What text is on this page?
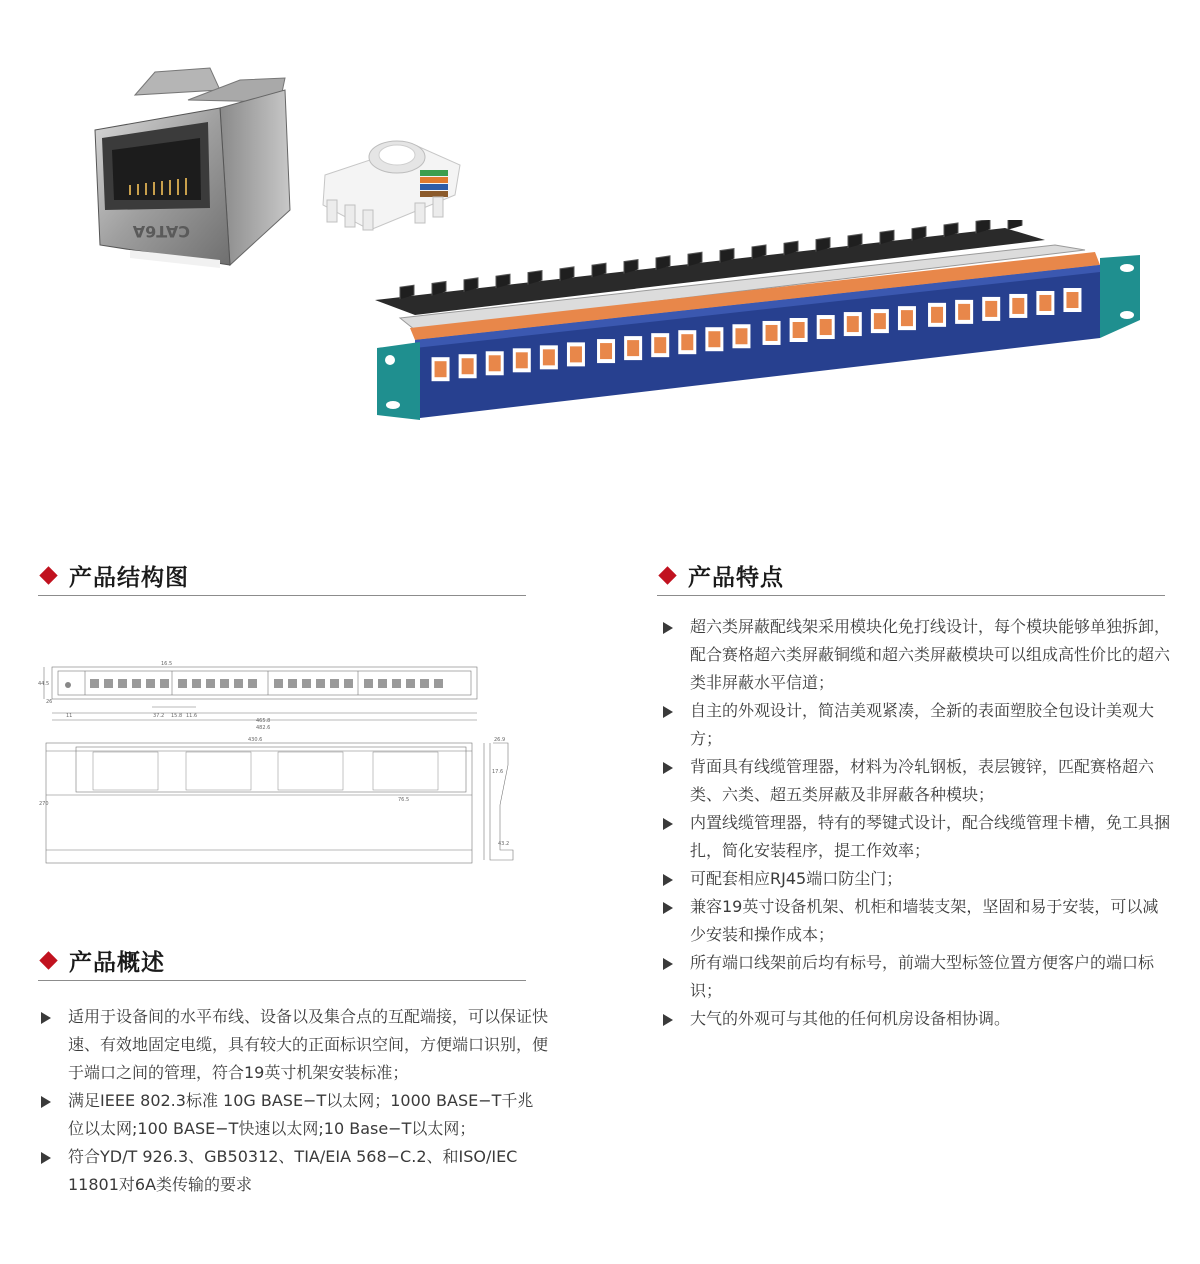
CAT6A
产品结构图
16.5
44.5
26
11	37.2 15.8 11.6
465.8
482.6
430.6	26.9
17.6
270
76.5
43.2
产品概述
适用于设备间的水平布线、设备以及集合点的互配端接，可以保证快速、有效地固定电缆，具有较大的正面标识空间，方便端口识别，便于端口之间的管理，符合19英寸机架安装标准；
满足IEEE 802.3标准 10G BASE−T以太网；1000 BASE−T千兆位以太网;100 BASE−T快速以太网;10 Base−T以太网；
符合YD/T 926.3、GB50312、TIA/EIA 568−C.2、和ISO/IEC 11801对6A类传输的要求
产品特点
超六类屏蔽配线架采用模块化免打线设计，每个模块能够单独拆卸，配合赛格超六类屏蔽铜缆和超六类屏蔽模块可以组成高性价比的超六类非屏蔽水平信道；
自主的外观设计，简洁美观紧凑，全新的表面塑胶全包设计美观大方；
背面具有线缆管理器，材料为冷轧钢板，表层镀锌，匹配赛格超六类、六类、超五类屏蔽及非屏蔽各种模块；
内置线缆管理器，特有的琴键式设计，配合线缆管理卡槽，免工具捆扎，简化安装程序，提工作效率；
可配套相应RJ45端口防尘门；
兼容19英寸设备机架、机柜和墙装支架，坚固和易于安装，可以减少安装和操作成本；
所有端口线架前后均有标号，前端大型标签位置方便客户的端口标识；
大气的外观可与其他的任何机房设备相协调。
